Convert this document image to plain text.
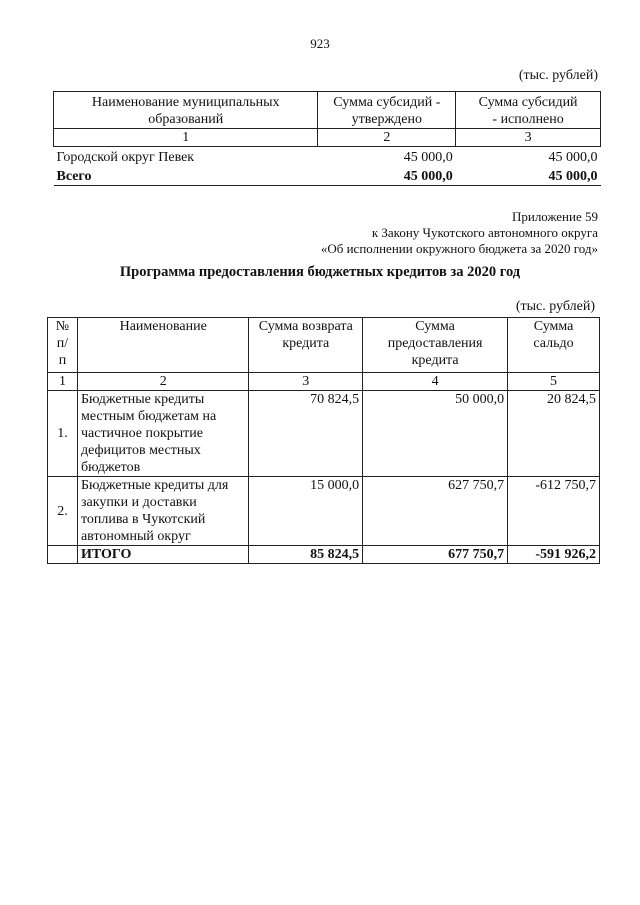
923
(тыс. рублей)
Наименование муниципальных образований	Сумма субсидий - утверждено	Сумма субсидий - исполнено
1	2	3
Городской округ Певек	45 000,0	45 000,0
Всего	45 000,0	45 000,0
Приложение 59
к Закону Чукотского автономного округа
«Об исполнении окружного бюджета за 2020 год»
Программа предоставления бюджетных кредитов за 2020 год
(тыс. рублей)
№ п/ п	Наименование	Сумма возврата кредита	Сумма предоставления кредита	Сумма сальдо
1	2	3	4	5
1.	Бюджетные кредиты местным бюджетам на частичное покрытие дефицитов местных бюджетов	70 824,5	50 000,0	20 824,5
2.	Бюджетные кредиты для закупки и доставки топлива в Чукотский автономный округ	15 000,0	627 750,7	-612 750,7
	ИТОГО	85 824,5	677 750,7	-591 926,2
